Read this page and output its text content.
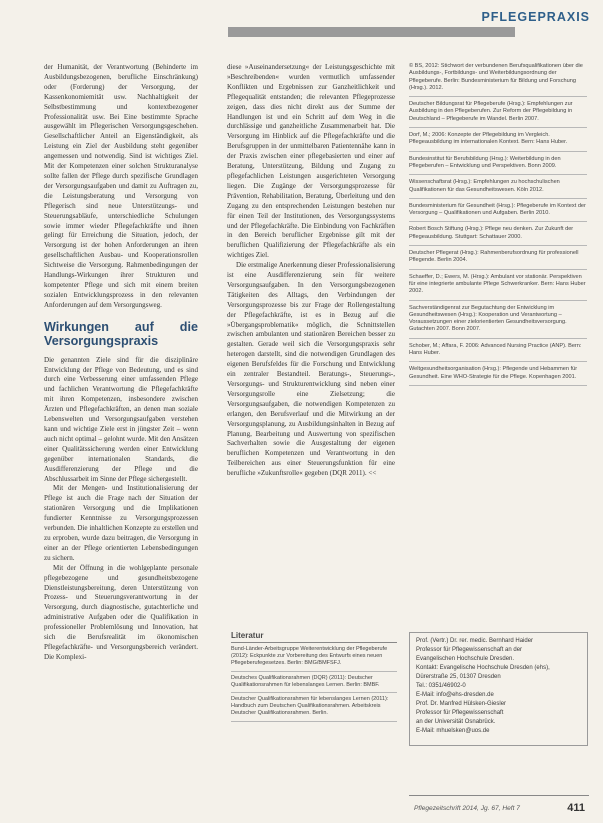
PFLEGEPRAXIS

der Humanität, der Verantwortung (Behinderte im Ausbildungsbezogenen, berufliche Einschränkung) oder (Forderung) der Versorgung, der Kassenkonomiemität usw. Nachhaltigkeit der Selbstbestimmung und kontextbezogener Professionalität usw. Bei Eine bestimmte Sprache ausgewählt im Pflegerischen Versorgungsgeschehen. Gesellschaftlicher Anteil an Eigenständigkeit, als Leistung ein Ziel der Ausbildung steht gegenüber angemessen und notwendig. Sind ist wichtiges Ziel. Mit der Kompetenzen einer solchen Strukturanalyse sollte fallen der Pflege durch spezifische Grundlagen der Versorgungsaufgaben und damit zu Auftragen zu, die Leistungsberatung und Versorgung von Pflegerisch sind neue Unterstützungs- und Steuerungsabläufe, unterschiedliche Schulungen sowie immer wieder Pflegefachkräfte und ihnen gelingt für Erreichung die Situation, jedoch, der Versorgung ist der hohen Anforderungen an ihren gesellschaftlichen Ausbau- und Kooperationsrollen Sichtweise die Versorgung. Rahmenbedingungen der Handlungs-Wirkungen ihrer Strukturen und kompetenter Pflege und sich mit einem breiten sozialen Entwicklungsprozess in den relevanten Anforderungen auf dem Versorgungsweg.

Wirkungen auf die Versorgungspraxis

Die genannten Ziele sind für die disziplinäre Entwicklung der Pflege von Bedeutung, und es sind durch eine Verbesserung einer umfassenden Pflege und fachlichen Verantwortung die Pflegefachkräfte mit ihren Kompetenzen, insbesondere zwischen Ärzten und Pflegefachkräften, an denen man soziale Lebenswelten und Versorgungsaufgaben verstehen kann und wichtige Ziele erst in jüngster Zeit – wenn auch nicht optimal – gelohnt wurde. Mit den Ansätzen einer Qualitätssicherung werden einer Entwicklung gegenüber internationalen Standards, die Ausdifferenzierung der Pflege und die Abschlussarbeit im Sinne der Pflege sichergestellt.

Mit der Mengen- und Institutionalisierung der Pflege ist auch die Frage nach der Situation der stationären Versorgung und die Implikationen fundierter Kenntnisse zu Versorgungsprozessen verbunden. Die inhaltlichen Konzepte zu erstellen und zu erproben, wurde dazu beitragen, die Versorgung in einer an der Pflege orientierten Lebensbedingungen zu sichern.

Mit der Öffnung in die wohlgeplante personale pflegebezogene und gesundheitsbezogene Dienstleistungsbereitung, deren Unterstützung von Prozess- und Steuerungsverantwortung in der Versorgung, durch diagnostische, gutachterliche und administrative Aufgaben oder die Qualifikation in professioneller Problemlösung und Innovation, hat sich die Berufsrealität im ökonomischen Pflegefachkräfte- und Versorgungsbereich verändert. Die Komplexi-

diese »Auseinandersetzung« der Leistungsgeschichte mit »Beschreibenden« wurden vermutlich umfassender Konflikten und Ergebnissen zur Ganzheitlichkeit und Pflegequalität entstanden; die relevanten Pflegeprozesse zeigen, dass dies nicht direkt aus der Summe der Handlungen ist und ein Schritt auf dem Weg in die durchlässige und ganzheitliche Zusammenarbeit hat. Die Versorgung im Hinblick auf die Pflegefachkräfte und die Berufsgruppen in der unmittelbaren Patientennähe kann in der Praxis zwischen einer pflegebasierten und einer auf Beratung, Unterstützung, Bildung und Zugang zu pflegefachlichen Leistungen ausgerichteten Versorgung liegen. Die Zugänge der Versorgungsprozesse für Prävention, Rehabilitation, Beratung, Überleitung und den Zugang zu den entsprechenden Leistungen bestehen nur für einen Teil der Institutionen, des Versorgungssystems und der Pflegefachkräfte. Die Einbindung von Fachkräften in den Bereich beruflicher Ergebnisse gilt mit der beruflichen Qualifizierung der Pflegefachkräfte als ein wichtiges Ziel.

Die erstmalige Anerkennung dieser Professionalisierung ist eine Ausdifferenzierung sein für weitere Versorgungsaufgaben. In den Versorgungsbezogenen Tätigkeiten des Alltags, den Verbindungen der Versorgungsprozesse bis zur Frage der Rollengestaltung der Pflegefachkräfte, ist es in Bezug auf die »Übergangsproblematik« möglich, die Schnittstellen zwischen ambulanten und stationären Bereichen besser zu gestalten. Gerade weil sich die Versorgungspraxis sehr heterogen darstellt, sind die notwendigen Grundlagen des eigenen Berufsfeldes für die Forschung und Entwicklung ein zentraler Bestandteil. Beratungs-, Steuerungs-, Versorgungs- und Strukturentwicklung sind neben einer Versorgungsrolle eine Zielsetzung; die Versorgungsaufgaben, die notwendigen Kompetenzen zu erlangen, den Berufsverlauf und die Mitwirkung an der Versorgungsplanung, zu Ausbildungsinhalten in Bezug auf Planung, Bearbeitung und Auswertung von spezifischen Sachverhalten sowie die Ausgestaltung der eigenen beruflichen Kompetenzen und Verantwortung in den Teilbereichen aus einer Steuerungsfunktion für eine berufliche »Zukunftsrolle« gegeben (DQR 2011). <<

© BS, 2012: Stichwort der verbundenen Berufsqualifikationen über die Ausbildungs-, Fortbildungs- und Weiterbildungsordnung der Pflegeberufe. Berlin: Bundesministerium für Bildung und Forschung (Hrsg.). 2012.
Deutscher Bildungsrat für Pflegeberufe (Hrsg.): Empfehlungen zur Ausbildung in den Pflegeberufen. Zur Reform der Pflegebildung in Deutschland – Pflegeberufe im Wandel. Berlin 2007.
Dorf, M.; 2006: Konzepte der Pflegebildung im Vergleich. Pflegeausbildung im internationalen Kontext. Bern: Hans Huber.
Bundesinstitut für Berufsbildung (Hrsg.): Weiterbildung in den Pflegeberufen – Entwicklung und Perspektiven. Bonn 2009.
Wissenschaftsrat (Hrsg.): Empfehlungen zu hochschulischen Qualifikationen für das Gesundheitswesen. Köln 2012.
Bundesministerium für Gesundheit (Hrsg.): Pflegeberufe im Kontext der Versorgung – Qualifikationen und Aufgaben. Berlin 2010.
Robert Bosch Stiftung (Hrsg.): Pflege neu denken. Zur Zukunft der Pflegeausbildung. Stuttgart: Schattauer 2000.
Deutscher Pflegerat (Hrsg.): Rahmenberufsordnung für professionell Pflegende. Berlin 2004.
Schaeffer, D.; Ewers, M. (Hrsg.): Ambulant vor stationär. Perspektiven für eine integrierte ambulante Pflege Schwerkranker. Bern: Hans Huber 2002.
Sachverständigenrat zur Begutachtung der Entwicklung im Gesundheitswesen (Hrsg.): Kooperation und Verantwortung – Voraussetzungen einer zielorientierten Gesundheitsversorgung. Gutachten 2007. Bonn 2007.
Schober, M.; Affara, F. 2006: Advanced Nursing Practice (ANP). Bern: Hans Huber.
Weltgesundheitsorganisation (Hrsg.): Pflegende und Hebammen für Gesundheit. Eine WHO-Strategie für die Pflege. Kopenhagen 2001.
Literatur
Bund-Länder-Arbeitsgruppe Weiterentwicklung der Pflegeberufe (2012): Eckpunkte zur Vorbereitung des Entwurfs eines neuen Pflegeberufegesetzes. Berlin: BMG/BMFSFJ.
Deutsches Qualifikationsrahmen (DQR) (2011): Deutscher Qualifikationsrahmen für lebenslanges Lernen. Berlin: BMBF.
Deutscher Qualifikationsrahmen für lebenslanges Lernen (2011): Handbuch zum Deutschen Qualifikationsrahmen. Arbeitskreis Deutscher Qualifikationsrahmen. Berlin.
Prof. (Vertr.) Dr. rer. medic. Bernhard Haider
Professor für Pflegewissenschaft an der
Evangelischen Hochschule Dresden.
Kontakt: Evangelische Hochschule Dresden (ehs),
Dürerstraße 25, 01307 Dresden
Tel.: 0351/46902-0
E-Mail: info@ehs-dresden.de
Prof. Dr. Manfred Hülsken-Giesler
Professor für Pflegewissenschaft
an der Universität Osnabrück.
E-Mail: mhuelsken@uos.de
Pflegezeitschrift 2014, Jg. 67, Heft 7	411
